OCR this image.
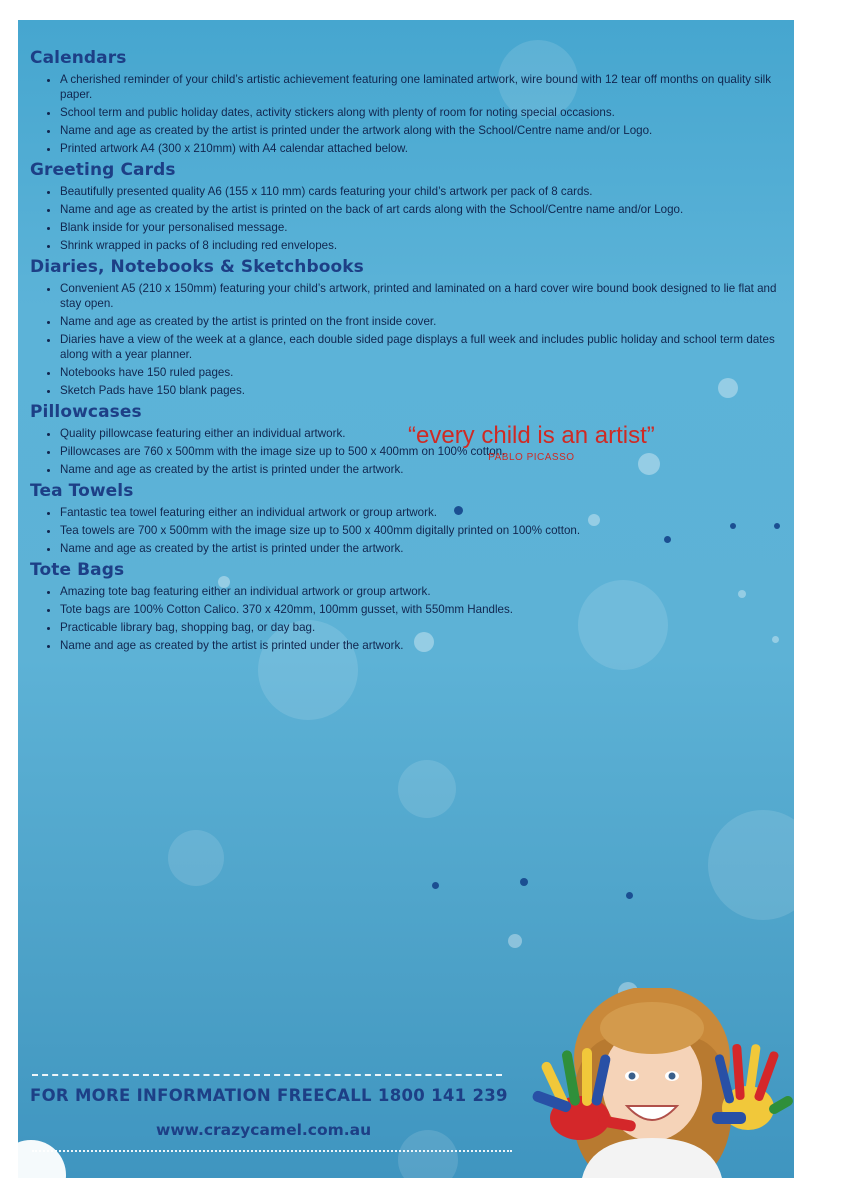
Calendars
• A cherished reminder of your child’s artistic achievement featuring one laminated artwork, wire bound with 12 tear off months on quality silk paper.
• School term and public holiday dates, activity stickers along with plenty of room for noting special occasions.
• Name and age as created by the artist is printed under the artwork along with the School/Centre name and/or Logo.
• Printed artwork A4 (300 x 210mm) with A4 calendar attached below.
Greeting Cards
• Beautifully presented quality A6 (155 x 110 mm) cards featuring your child’s artwork per pack of 8 cards.
• Name and age as created by the artist is printed on the back of art cards along with the School/Centre name and/or Logo.
• Blank inside for your personalised message.
• Shrink wrapped in packs of 8 including red envelopes.
Diaries, Notebooks & Sketchbooks
• Convenient A5 (210 x 150mm) featuring your child’s artwork, printed and laminated on a hard cover wire bound book designed to lie flat and stay open.
• Name and age as created by the artist is printed on the front inside cover.
• Diaries have a view of the week at a glance, each double sided page displays a full week and includes public holiday and school term dates along with a year planner.
• Notebooks have 150 ruled pages.
• Sketch Pads have 150 blank pages.
Pillowcases
• Quality pillowcase featuring either an individual artwork.
• Pillowcases are 760 x 500mm with the image size up to 500 x 400mm on 100% cotton.
• Name and age as created by the artist is printed under the artwork.
Tea Towels
• Fantastic tea towel featuring either an individual artwork or group artwork.
• Tea towels are 700 x 500mm with the image size up to 500 x 400mm digitally printed on 100% cotton.
• Name and age as created by the artist is printed under the artwork.
Tote Bags
• Amazing tote bag featuring either an individual artwork or group artwork.
• Tote bags are 100% Cotton Calico. 370 x 420mm, 100mm gusset, with 550mm Handles.
• Practicable library bag, shopping bag, or day bag.
• Name and age as created by the artist is printed under the artwork.
“every child is an artist”
PABLO PICASSO
FOR MORE INFORMATION FREECALL 1800 141 239
www.crazycamel.com.au
